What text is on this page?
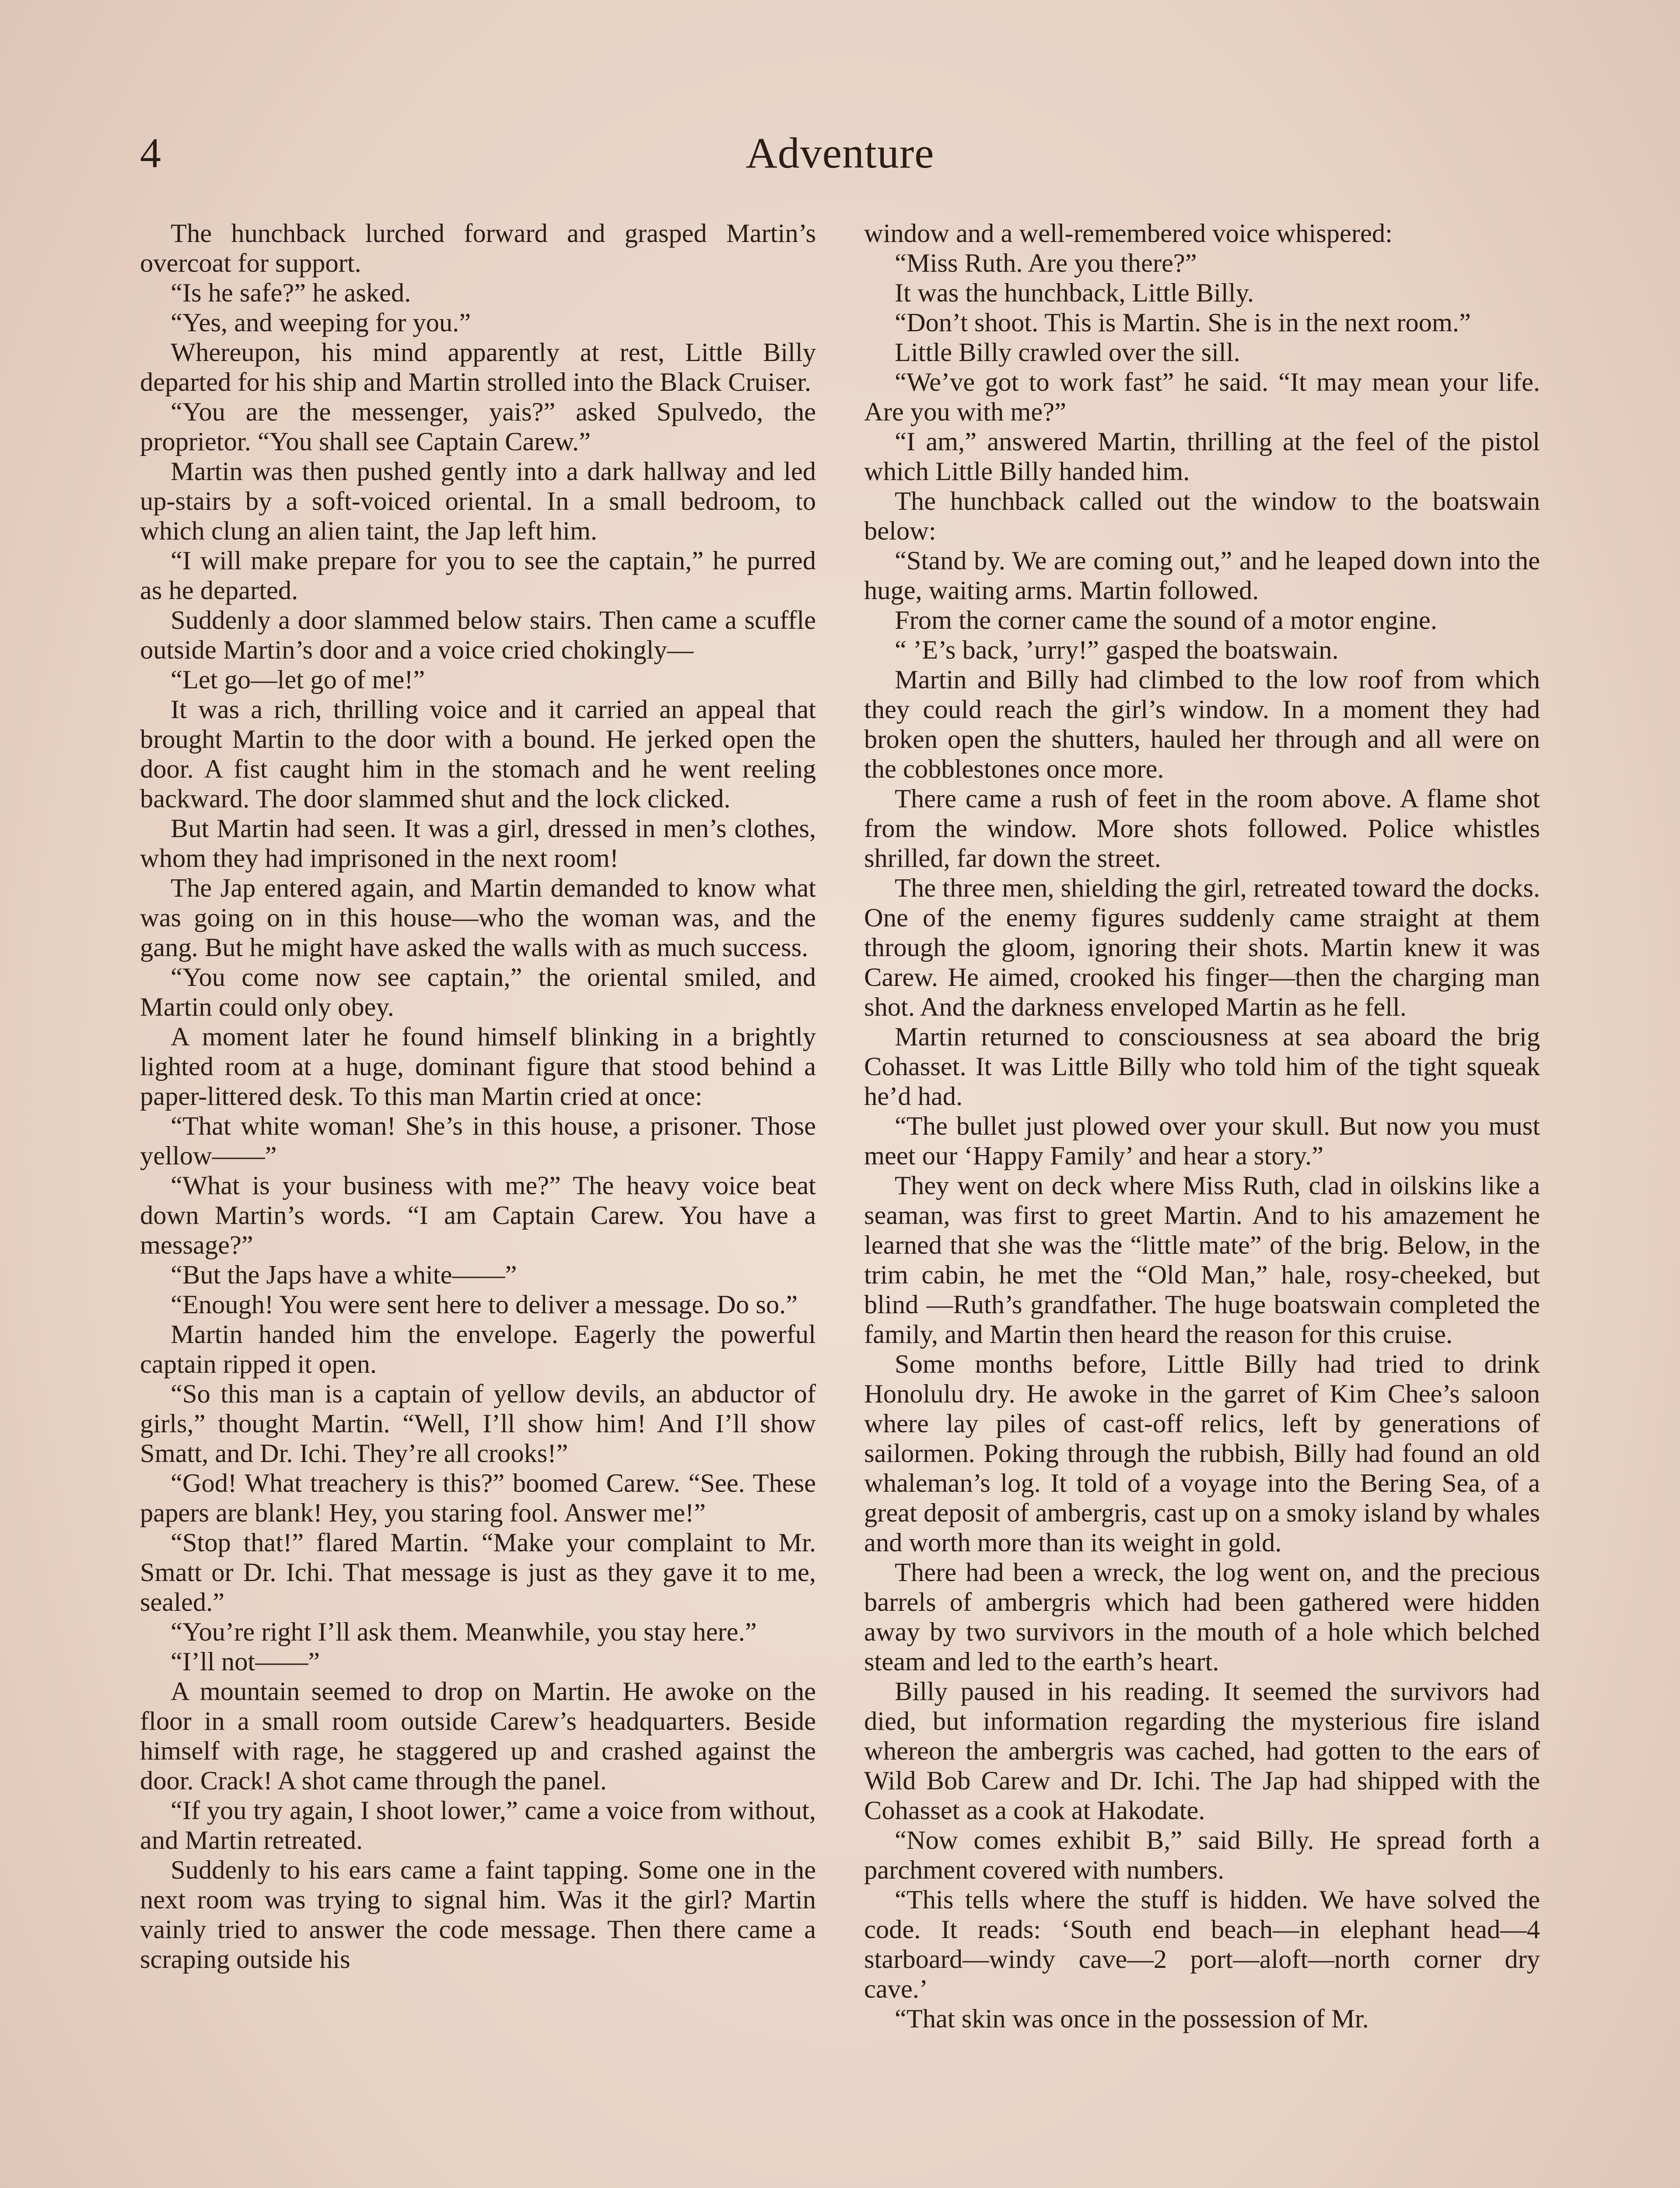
4	Adventure

The hunchback lurched forward and grasped Martin’s overcoat for support.

“Is he safe?” he asked.

“Yes, and weeping for you.”

Whereupon, his mind apparently at rest, Little Billy departed for his ship and Martin strolled into the Black Cruiser.

“You are the messenger, yais?” asked Spulvedo, the proprietor. “You shall see Captain Carew.”

Martin was then pushed gently into a dark hallway and led up-stairs by a soft-voiced oriental. In a small bedroom, to which clung an alien taint, the Jap left him.

“I will make prepare for you to see the captain,” he purred as he departed.

Suddenly a door slammed below stairs. Then came a scuffle outside Martin’s door and a voice cried chokingly—

“Let go—let go of me!”

It was a rich, thrilling voice and it carried an appeal that brought Martin to the door with a bound. He jerked open the door. A fist caught him in the stomach and he went reeling backward. The door slammed shut and the lock clicked.

But Martin had seen. It was a girl, dressed in men’s clothes, whom they had imprisoned in the next room!

The Jap entered again, and Martin demanded to know what was going on in this house—who the woman was, and the gang. But he might have asked the walls with as much success.

“You come now see captain,” the oriental smiled, and Martin could only obey.

A moment later he found himself blinking in a brightly lighted room at a huge, dominant figure that stood behind a paper-littered desk. To this man Martin cried at once:

“That white woman! She’s in this house, a prisoner. Those yellow——”

“What is your business with me?” The heavy voice beat down Martin’s words. “I am Captain Carew. You have a message?”

“But the Japs have a white——”

“Enough! You were sent here to deliver a message. Do so.”

Martin handed him the envelope. Eagerly the powerful captain ripped it open.

“So this man is a captain of yellow devils, an abductor of girls,” thought Martin. “Well, I’ll show him! And I’ll show Smatt, and Dr. Ichi. They’re all crooks!”

“God! What treachery is this?” boomed Carew. “See. These papers are blank! Hey, you staring fool. Answer me!”

“Stop that!” flared Martin. “Make your complaint to Mr. Smatt or Dr. Ichi. That message is just as they gave it to me, sealed.”

“You’re right I’ll ask them. Meanwhile, you stay here.”

“I’ll not——”

A mountain seemed to drop on Martin. He awoke on the floor in a small room outside Carew’s headquarters. Beside himself with rage, he staggered up and crashed against the door. Crack! A shot came through the panel.

“If you try again, I shoot lower,” came a voice from without, and Martin retreated.

Suddenly to his ears came a faint tapping. Some one in the next room was trying to signal him. Was it the girl? Martin vainly tried to answer the code message. Then there came a scraping outside his

window and a well-remembered voice whispered:

“Miss Ruth. Are you there?”

It was the hunchback, Little Billy.

“Don’t shoot. This is Martin. She is in the next room.”

Little Billy crawled over the sill.

“We’ve got to work fast” he said. “It may mean your life. Are you with me?”

“I am,” answered Martin, thrilling at the feel of the pistol which Little Billy handed him.

The hunchback called out the window to the boatswain below:

“Stand by. We are coming out,” and he leaped down into the huge, waiting arms. Martin followed.

From the corner came the sound of a motor engine.

“ ’E’s back, ’urry!” gasped the boatswain.

Martin and Billy had climbed to the low roof from which they could reach the girl’s window. In a moment they had broken open the shutters, hauled her through and all were on the cobblestones once more.

There came a rush of feet in the room above. A flame shot from the window. More shots followed. Police whistles shrilled, far down the street.

The three men, shielding the girl, retreated toward the docks. One of the enemy figures suddenly came straight at them through the gloom, ignoring their shots. Martin knew it was Carew. He aimed, crooked his finger—then the charging man shot. And the darkness enveloped Martin as he fell.

Martin returned to consciousness at sea aboard the brig Cohasset. It was Little Billy who told him of the tight squeak he’d had.

“The bullet just plowed over your skull. But now you must meet our ‘Happy Family’ and hear a story.”

They went on deck where Miss Ruth, clad in oilskins like a seaman, was first to greet Martin. And to his amazement he learned that she was the “little mate” of the brig. Below, in the trim cabin, he met the “Old Man,” hale, rosy-cheeked, but blind —Ruth’s grandfather. The huge boatswain completed the family, and Martin then heard the reason for this cruise.

Some months before, Little Billy had tried to drink Honolulu dry. He awoke in the garret of Kim Chee’s saloon where lay piles of cast-off relics, left by generations of sailormen. Poking through the rubbish, Billy had found an old whaleman’s log. It told of a voyage into the Bering Sea, of a great deposit of ambergris, cast up on a smoky island by whales and worth more than its weight in gold.

There had been a wreck, the log went on, and the precious barrels of ambergris which had been gathered were hidden away by two survivors in the mouth of a hole which belched steam and led to the earth’s heart.

Billy paused in his reading. It seemed the survivors had died, but information regarding the mysterious fire island whereon the ambergris was cached, had gotten to the ears of Wild Bob Carew and Dr. Ichi. The Jap had shipped with the Cohasset as a cook at Hakodate.

“Now comes exhibit B,” said Billy. He spread forth a parchment covered with numbers.

“This tells where the stuff is hidden. We have solved the code. It reads: ‘South end beach—in elephant head—4 starboard—windy cave—2 port—aloft—north corner dry cave.’

“That skin was once in the possession of Mr.
